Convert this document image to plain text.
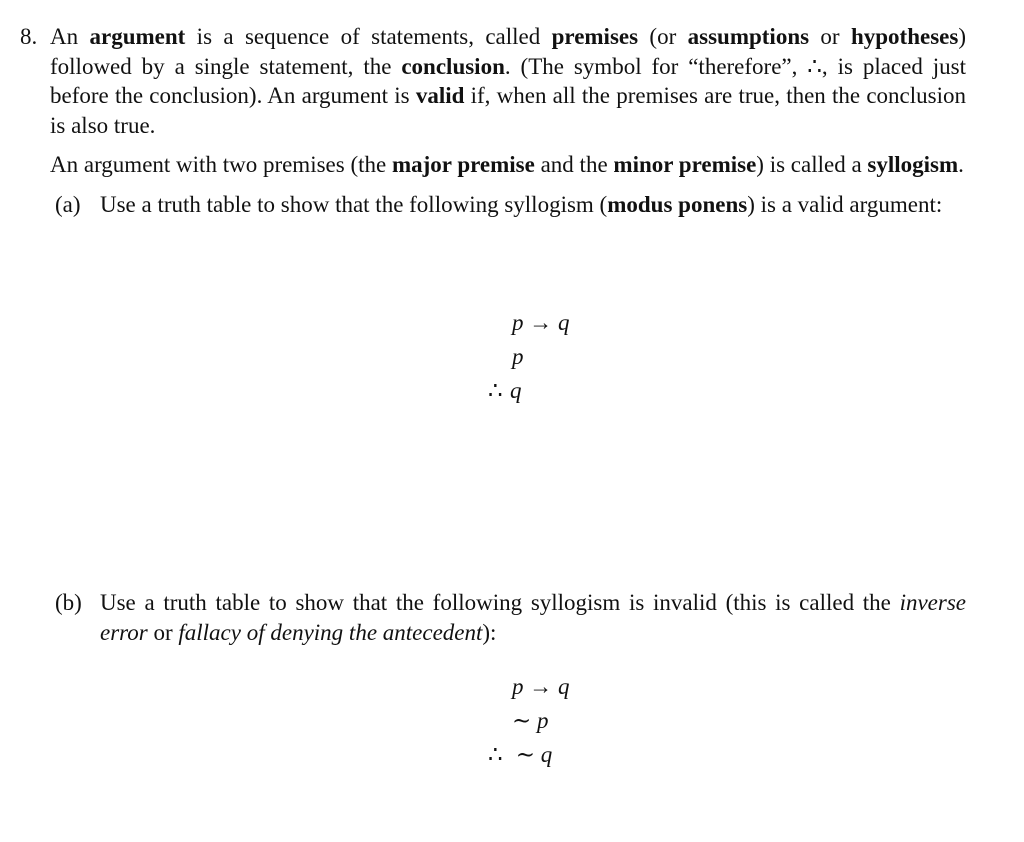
8. An argument is a sequence of statements, called premises (or assumptions or hypotheses) followed by a single statement, the conclusion. (The symbol for “therefore”, ∴, is placed just before the conclusion). An argument is valid if, when all the premises are true, then the conclusion is also true.

An argument with two premises (the major premise and the minor premise) is called a syllogism.

(a) Use a truth table to show that the following syllogism (modus ponens) is a valid argument:
p → q
p
∴ q
(b) Use a truth table to show that the following syllogism is invalid (this is called the inverse error or fallacy of denying the antecedent):
p → q
∼ p
∴ ∼ q
